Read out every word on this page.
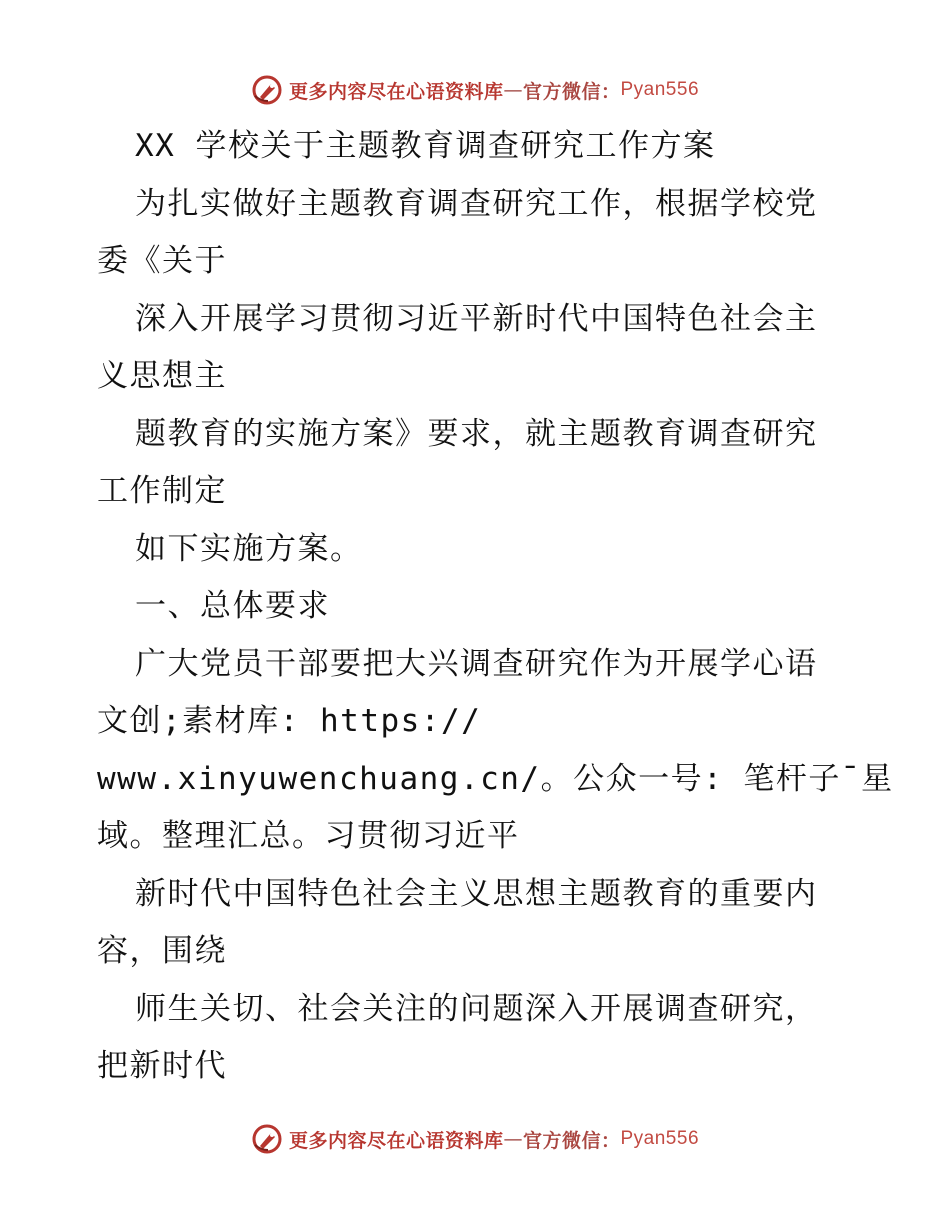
更多内容尽在心语资料库 — 官方微信： Pyan556
XX 学校关于主题教育调查研究工作方案
为扎实做好主题教育调查研究工作，根据学校党
委《关于
深入开展学习贯彻习近平新时代中国特色社会主
义思想主
题教育的实施方案》要求，就主题教育调查研究
工作制定
如下实施方案。
一、总体要求
广大党员干部要把大兴调查研究作为开展学心语
文创;素材库: https://
www.xinyuwenchuang.cn/。公众一号: 笔杆子¯星
域。整理汇总。习贯彻习近平
新时代中国特色社会主义思想主题教育的重要内
容，围绕
师生关切、社会关注的问题深入开展调查研究，
把新时代
更多内容尽在心语资料库 — 官方微信： Pyan556
